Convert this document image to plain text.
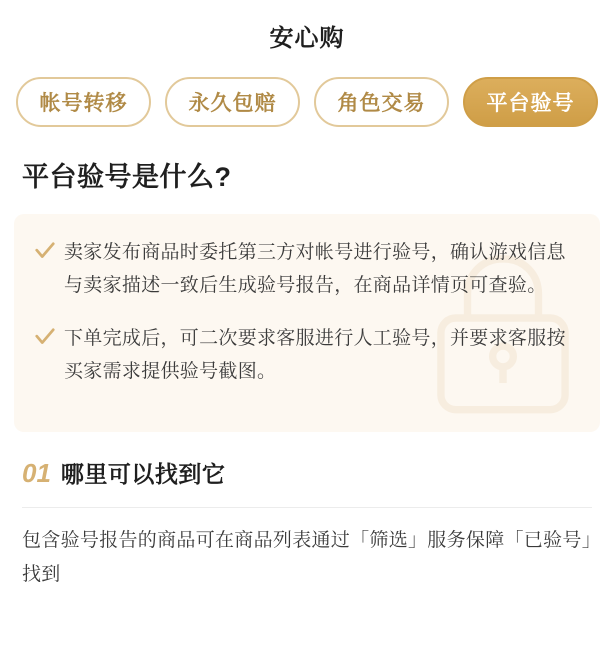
安心购
帐号转移	永久包赔	角色交易	平台验号
平台验号是什么?
卖家发布商品时委托第三方对帐号进行验号，确认游戏信息与卖家描述一致后生成验号报告，在商品详情页可查验。
下单完成后，可二次要求客服进行人工验号，并要求客服按买家需求提供验号截图。
01 哪里可以找到它
包含验号报告的商品可在商品列表通过「筛选」服务保障「已验号」找到
